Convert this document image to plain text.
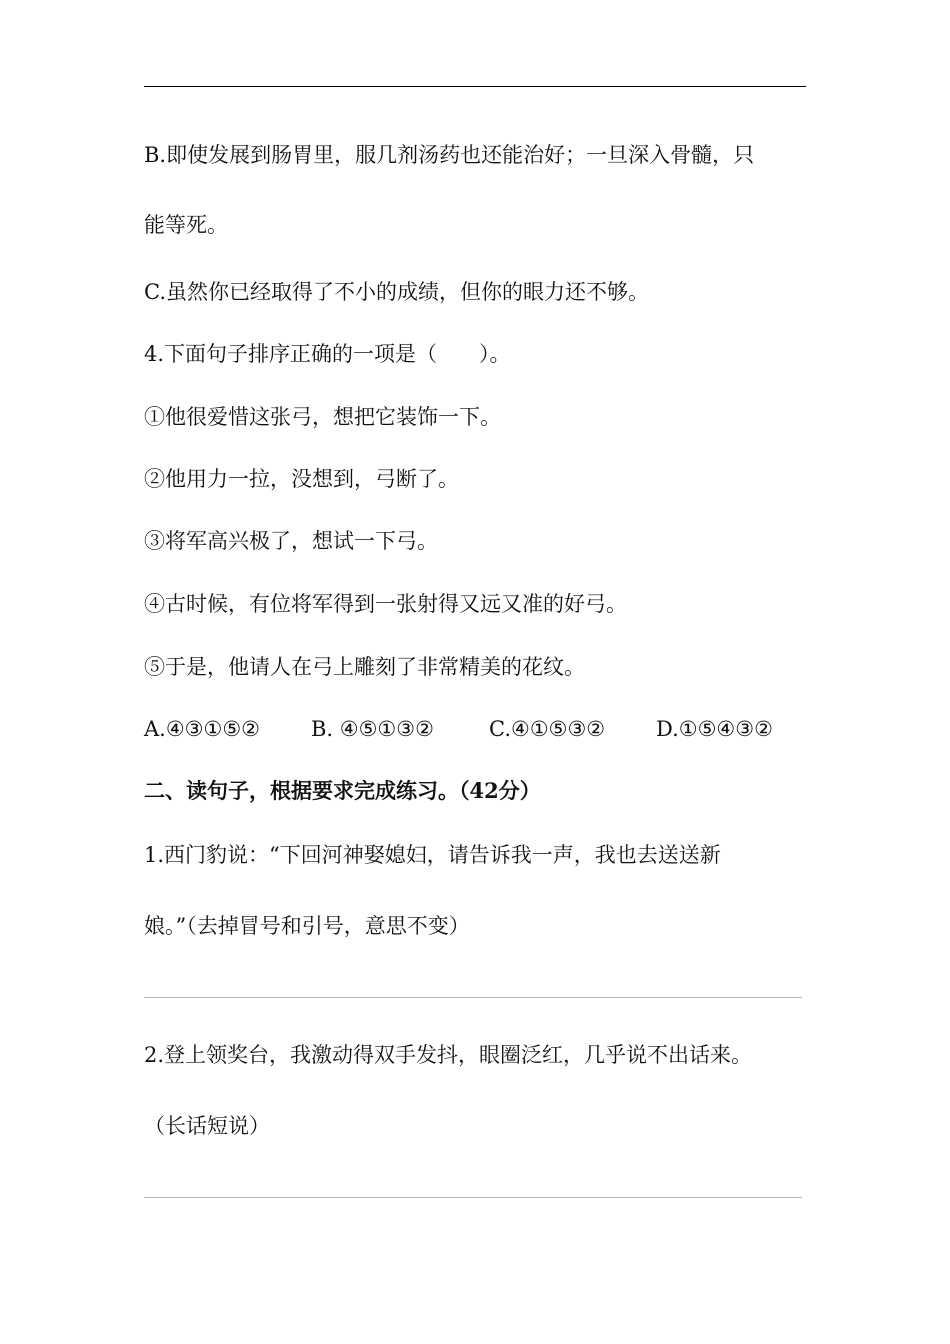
B.即使发展到肠胃里，服几剂汤药也还能治好；一旦深入骨髓，只
能等死。
C.虽然你已经取得了不小的成绩，但你的眼力还不够。
4.下面句子排序正确的一项是（　　）。
①他很爱惜这张弓，想把它装饰一下。
②他用力一拉，没想到，弓断了。
③将军高兴极了，想试一下弓。
④古时候，有位将军得到一张射得又远又准的好弓。
⑤于是，他请人在弓上雕刻了非常精美的花纹。
A.④③①⑤② B. ④⑤①③②	C.④①⑤③② D.①⑤④③②
二、读句子，根据要求完成练习。（42分）
1.西门豹说：“下回河神娶媳妇，请告诉我一声，我也去送送新
娘。”（去掉冒号和引号，意思不变）
2.登上领奖台，我激动得双手发抖，眼圈泛红，几乎说不出话来。
（长话短说）
